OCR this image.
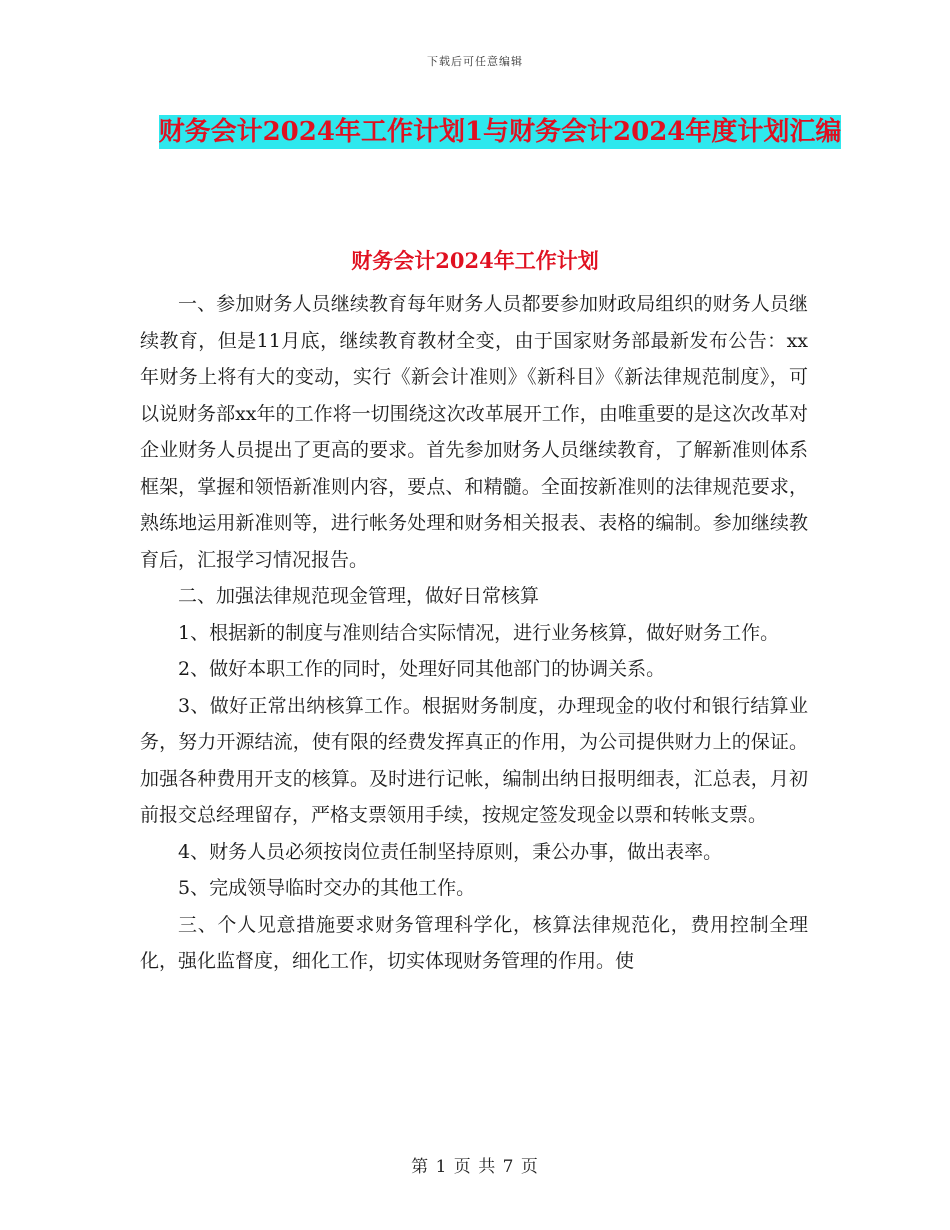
下载后可任意编辑
财务会计2024年工作计划1与财务会计2024年度计划汇编
财务会计2024年工作计划

一、参加财务人员继续教育每年财务人员都要参加财政局组织的财务人员继续教育，但是11月底，继续教育教材全变，由于国家财务部最新发布公告：xx年财务上将有大的变动，实行《新会计准则》《新科目》《新法律规范制度》，可以说财务部xx年的工作将一切围绕这次改革展开工作，由唯重要的是这次改革对企业财务人员提出了更高的要求。首先参加财务人员继续教育，了解新准则体系框架，掌握和领悟新准则内容，要点、和精髓。全面按新准则的法律规范要求，熟练地运用新准则等，进行帐务处理和财务相关报表、表格的编制。参加继续教育后，汇报学习情况报告。

二、加强法律规范现金管理，做好日常核算

1、根据新的制度与准则结合实际情况，进行业务核算，做好财务工作。

2、做好本职工作的同时，处理好同其他部门的协调关系。

3、做好正常出纳核算工作。根据财务制度，办理现金的收付和银行结算业务，努力开源结流，使有限的经费发挥真正的作用，为公司提供财力上的保证。加强各种费用开支的核算。及时进行记帐，编制出纳日报明细表，汇总表，月初前报交总经理留存，严格支票领用手续，按规定签发现金以票和转帐支票。

4、财务人员必须按岗位责任制坚持原则，秉公办事，做出表率。

5、完成领导临时交办的其他工作。

三、个人见意措施要求财务管理科学化，核算法律规范化，费用控制全理化，强化监督度，细化工作，切实体现财务管理的作用。使

第 1 页 共 7 页
